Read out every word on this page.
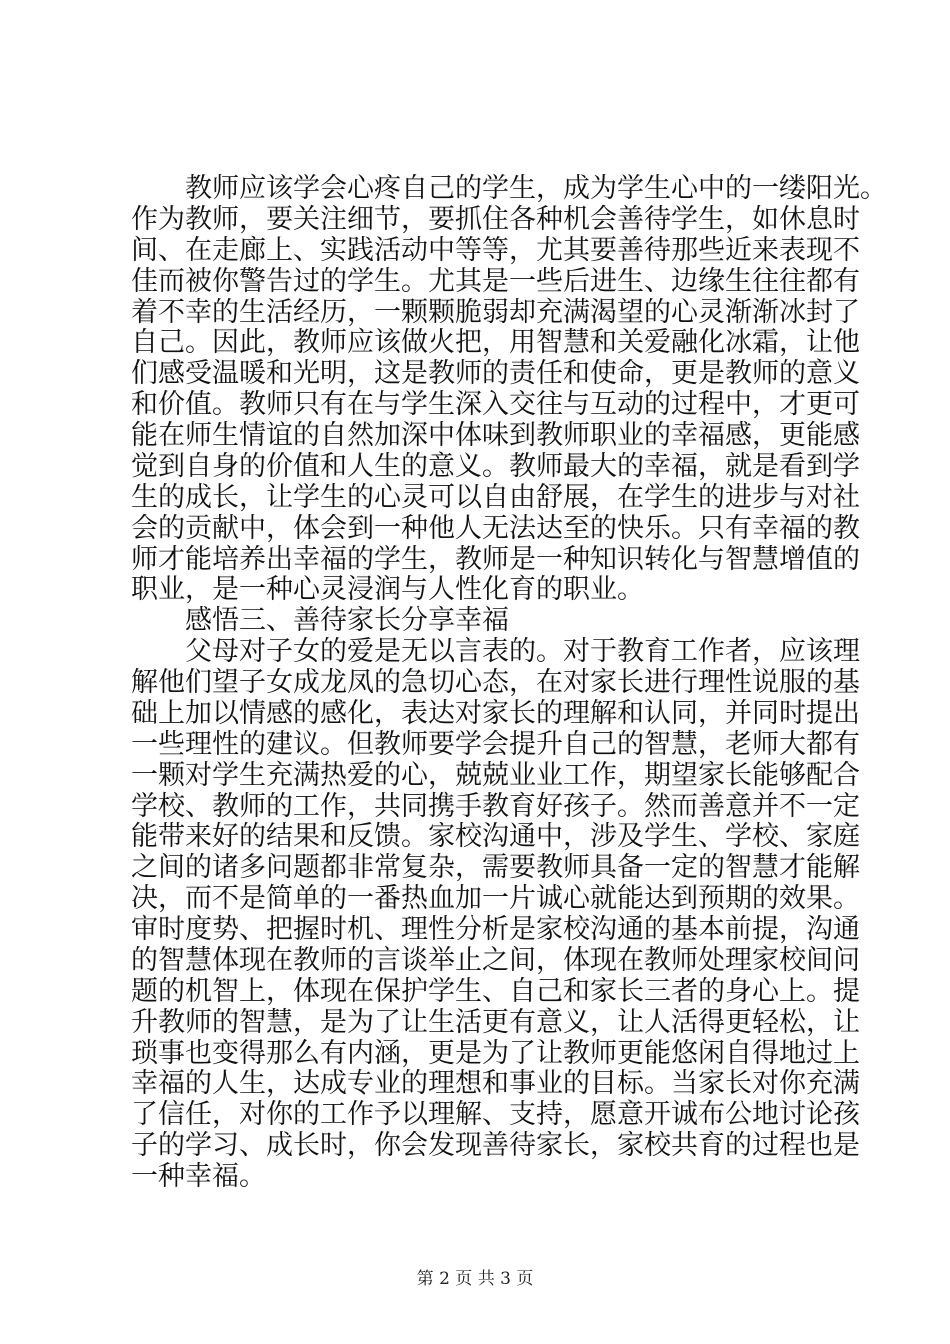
教师应该学会心疼自己的学生，成为学生心中的一缕阳光。
作为教师，要关注细节，要抓住各种机会善待学生，如休息时
间、在走廊上、实践活动中等等，尤其要善待那些近来表现不
佳而被你警告过的学生。尤其是一些后进生、边缘生往往都有
着不幸的生活经历，一颗颗脆弱却充满渴望的心灵渐渐冰封了
自己。因此，教师应该做火把，用智慧和关爱融化冰霜，让他
们感受温暖和光明，这是教师的责任和使命，更是教师的意义
和价值。教师只有在与学生深入交往与互动的过程中，才更可
能在师生情谊的自然加深中体味到教师职业的幸福感，更能感
觉到自身的价值和人生的意义。教师最大的幸福，就是看到学
生的成长，让学生的心灵可以自由舒展，在学生的进步与对社
会的贡献中，体会到一种他人无法达至的快乐。只有幸福的教
师才能培养出幸福的学生，教师是一种知识转化与智慧增值的
职业，是一种心灵浸润与人性化育的职业。
感悟三、善待家长分享幸福
父母对子女的爱是无以言表的。对于教育工作者，应该理
解他们望子女成龙凤的急切心态，在对家长进行理性说服的基
础上加以情感的感化，表达对家长的理解和认同，并同时提出
一些理性的建议。但教师要学会提升自己的智慧，老师大都有
一颗对学生充满热爱的心，兢兢业业工作，期望家长能够配合
学校、教师的工作，共同携手教育好孩子。然而善意并不一定
能带来好的结果和反馈。家校沟通中，涉及学生、学校、家庭
之间的诸多问题都非常复杂，需要教师具备一定的智慧才能解
决，而不是简单的一番热血加一片诚心就能达到预期的效果。
审时度势、把握时机、理性分析是家校沟通的基本前提，沟通
的智慧体现在教师的言谈举止之间，体现在教师处理家校间问
题的机智上，体现在保护学生、自己和家长三者的身心上。提
升教师的智慧，是为了让生活更有意义，让人活得更轻松，让
琐事也变得那么有内涵，更是为了让教师更能悠闲自得地过上
幸福的人生，达成专业的理想和事业的目标。当家长对你充满
了信任，对你的工作予以理解、支持，愿意开诚布公地讨论孩
子的学习、成长时，你会发现善待家长，家校共育的过程也是
一种幸福。
第 2 页 共 3 页
